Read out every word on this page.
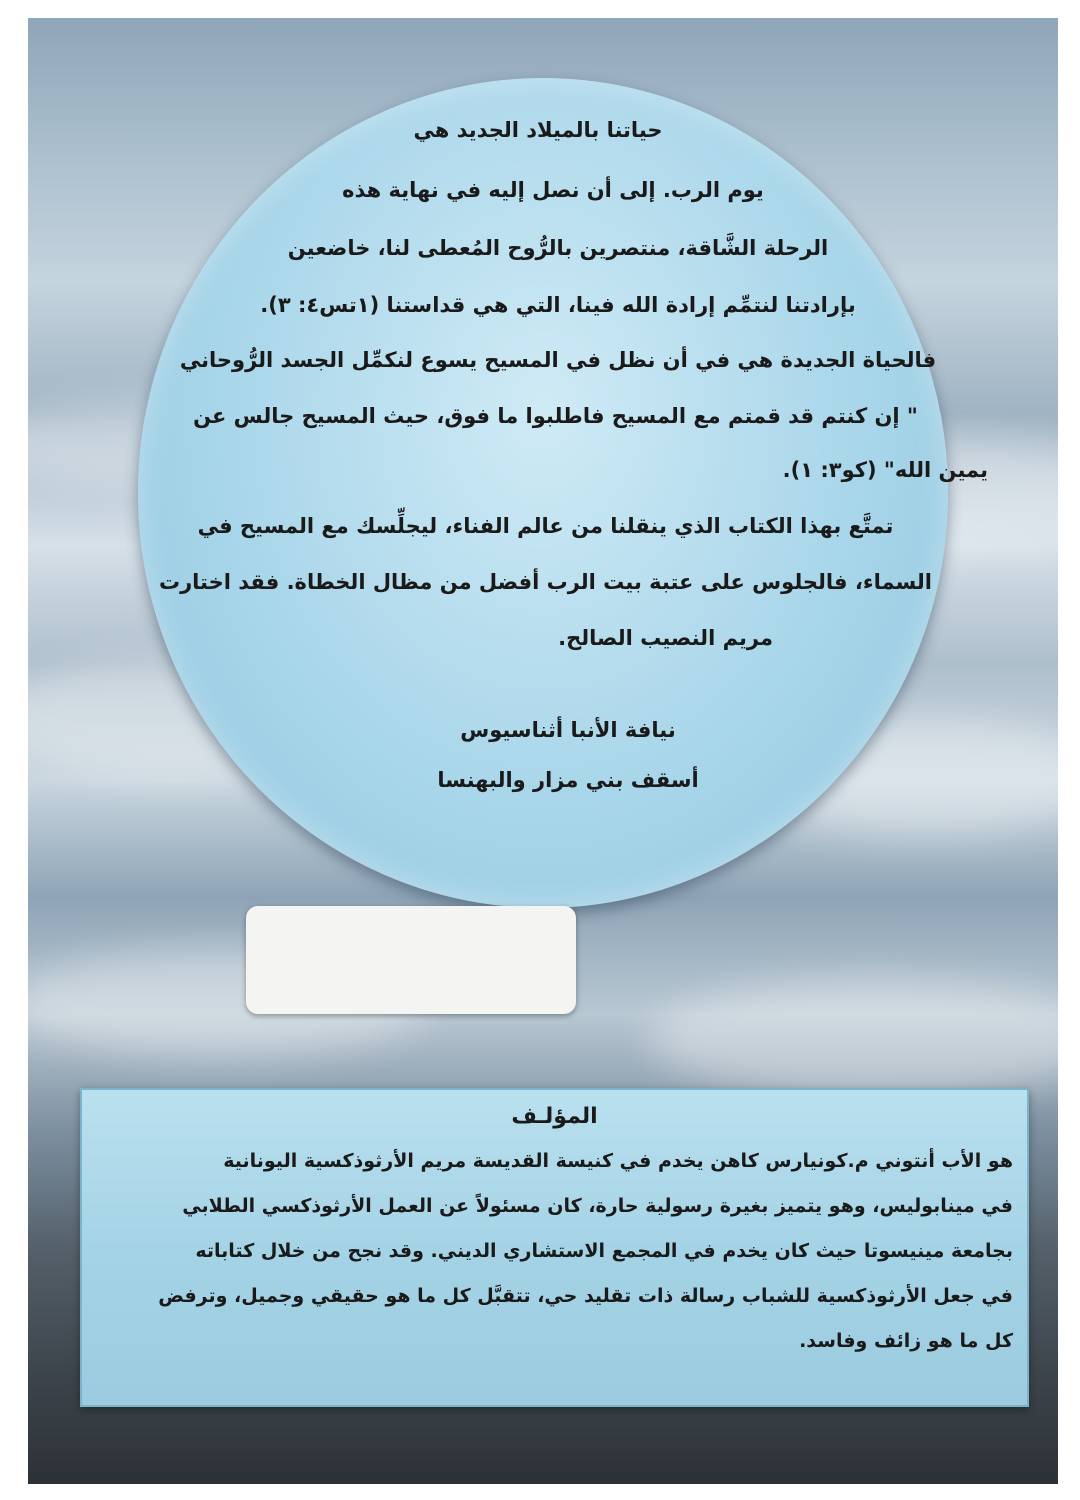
حياتنا بالميلاد الجديد هي
يوم الرب. إلى أن نصل إليه في نهاية هذه
الرحلة الشَّاقة، منتصرين بالرُّوح المُعطى لنا، خاضعين
بإرادتنا لنتمِّم إرادة الله فينا، التي هي قداستنا (١تس٤: ٣).
فالحياة الجديدة هي في أن نظل في المسيح يسوع لنكمِّل الجسد الرُّوحاني
" إن كنتم قد قمتم مع المسيح فاطلبوا ما فوق، حيث المسيح جالس عن
يمين الله" (كو٣: ١).
تمتَّع بهذا الكتاب الذي ينقلنا من عالم الفناء، ليجلِّسك مع المسيح في
السماء، فالجلوس على عتبة بيت الرب أفضل من مظال الخطاة. فقد اختارت
مريم النصيب الصالح.
نيافة الأنبا أثناسيوس
أسقف بني مزار والبهنسا
المؤلـف
هو الأب أنتوني م.كونيارس كاهن يخدم في كنيسة القديسة مريم الأرثوذكسية اليونانية
في مينابوليس، وهو يتميز بغيرة رسولية حارة، كان مسئولاً عن العمل الأرثوذكسي الطلابي
بجامعة مينيسوتا حيث كان يخدم في المجمع الاستشاري الديني. وقد نجح من خلال كتاباته
في جعل الأرثوذكسية للشباب رسالة ذات تقليد حي، تتقبَّل كل ما هو حقيقي وجميل، وترفض
كل ما هو زائف وفاسد.
